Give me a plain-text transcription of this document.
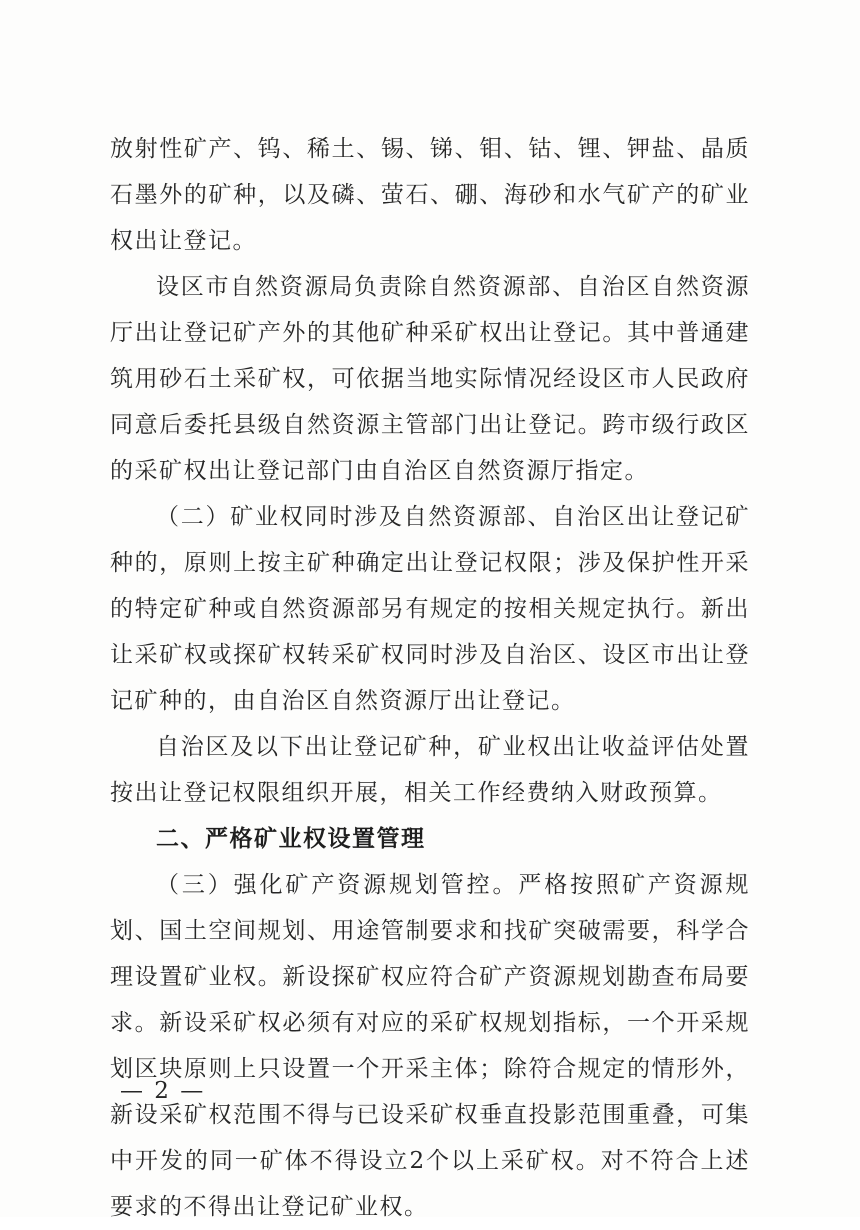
放射性矿产、钨、稀土、锡、锑、钼、钴、锂、钾盐、晶质石墨外的矿种，以及磷、萤石、硼、海砂和水气矿产的矿业权出让登记。

设区市自然资源局负责除自然资源部、自治区自然资源厅出让登记矿产外的其他矿种采矿权出让登记。其中普通建筑用砂石土采矿权，可依据当地实际情况经设区市人民政府同意后委托县级自然资源主管部门出让登记。跨市级行政区的采矿权出让登记部门由自治区自然资源厅指定。

（二）矿业权同时涉及自然资源部、自治区出让登记矿种的，原则上按主矿种确定出让登记权限；涉及保护性开采的特定矿种或自然资源部另有规定的按相关规定执行。新出让采矿权或探矿权转采矿权同时涉及自治区、设区市出让登记矿种的，由自治区自然资源厅出让登记。

自治区及以下出让登记矿种，矿业权出让收益评估处置按出让登记权限组织开展，相关工作经费纳入财政预算。

二、严格矿业权设置管理

（三）强化矿产资源规划管控。严格按照矿产资源规划、国土空间规划、用途管制要求和找矿突破需要，科学合理设置矿业权。新设探矿权应符合矿产资源规划勘查布局要求。新设采矿权必须有对应的采矿权规划指标，一个开采规划区块原则上只设置一个开采主体；除符合规定的情形外，新设采矿权范围不得与已设采矿权垂直投影范围重叠，可集中开发的同一矿体不得设立2个以上采矿权。对不符合上述要求的不得出让登记矿业权。

— 2 —
